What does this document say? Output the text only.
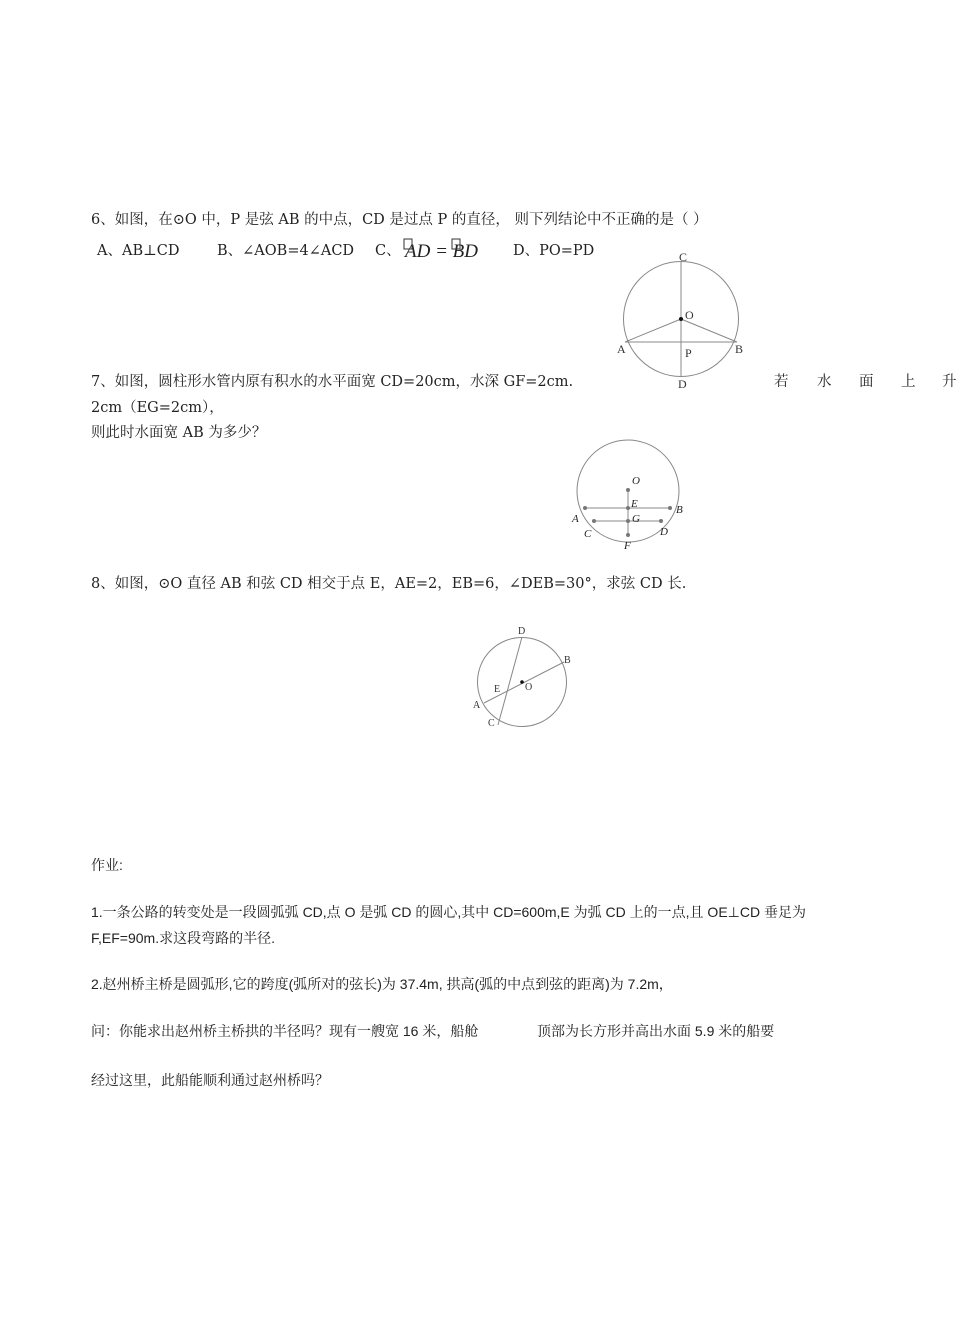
6、如图，在⊙O 中，P 是弦 AB 的中点，CD 是过点 P 的直径， 则下列结论中不正确的是（ ）
A、AB⊥CD	B、∠AOB=4∠ACD C、 AD = BD D、PO=PD	C
O
A	P	B
D
7、如图，圆柱形水管内原有积水的水平面宽 CD=20cm，水深 GF=2cm.	若 水 面 上 升
2cm（EG=2cm），
则此时水面宽 AB 为多少？
O
E	B
A	G
C	D
F
8、如图，⊙O 直径 AB 和弦 CD 相交于点 E，AE=2，EB=6，∠DEB=30°，求弦 CD 长.
D
B
E O
A
C
作业:
1.一条公路的转变处是一段圆弧弧 CD,点 O 是弧 CD 的圆心,其中 CD=600m,E 为弧 CD 上的一点,且 OE⊥CD 垂足为
F,EF=90m.求这段弯路的半径.
2.赵州桥主桥是圆弧形,它的跨度(弧所对的弦长)为 37.4m, 拱高(弧的中点到弦的距离)为 7.2m，
问：你能求出赵州桥主桥拱的半径吗？现有一艘宽 16 米，船舱	顶部为长方形并高出水面 5.9 米的船要
经过这里，此船能顺利通过赵州桥吗？
